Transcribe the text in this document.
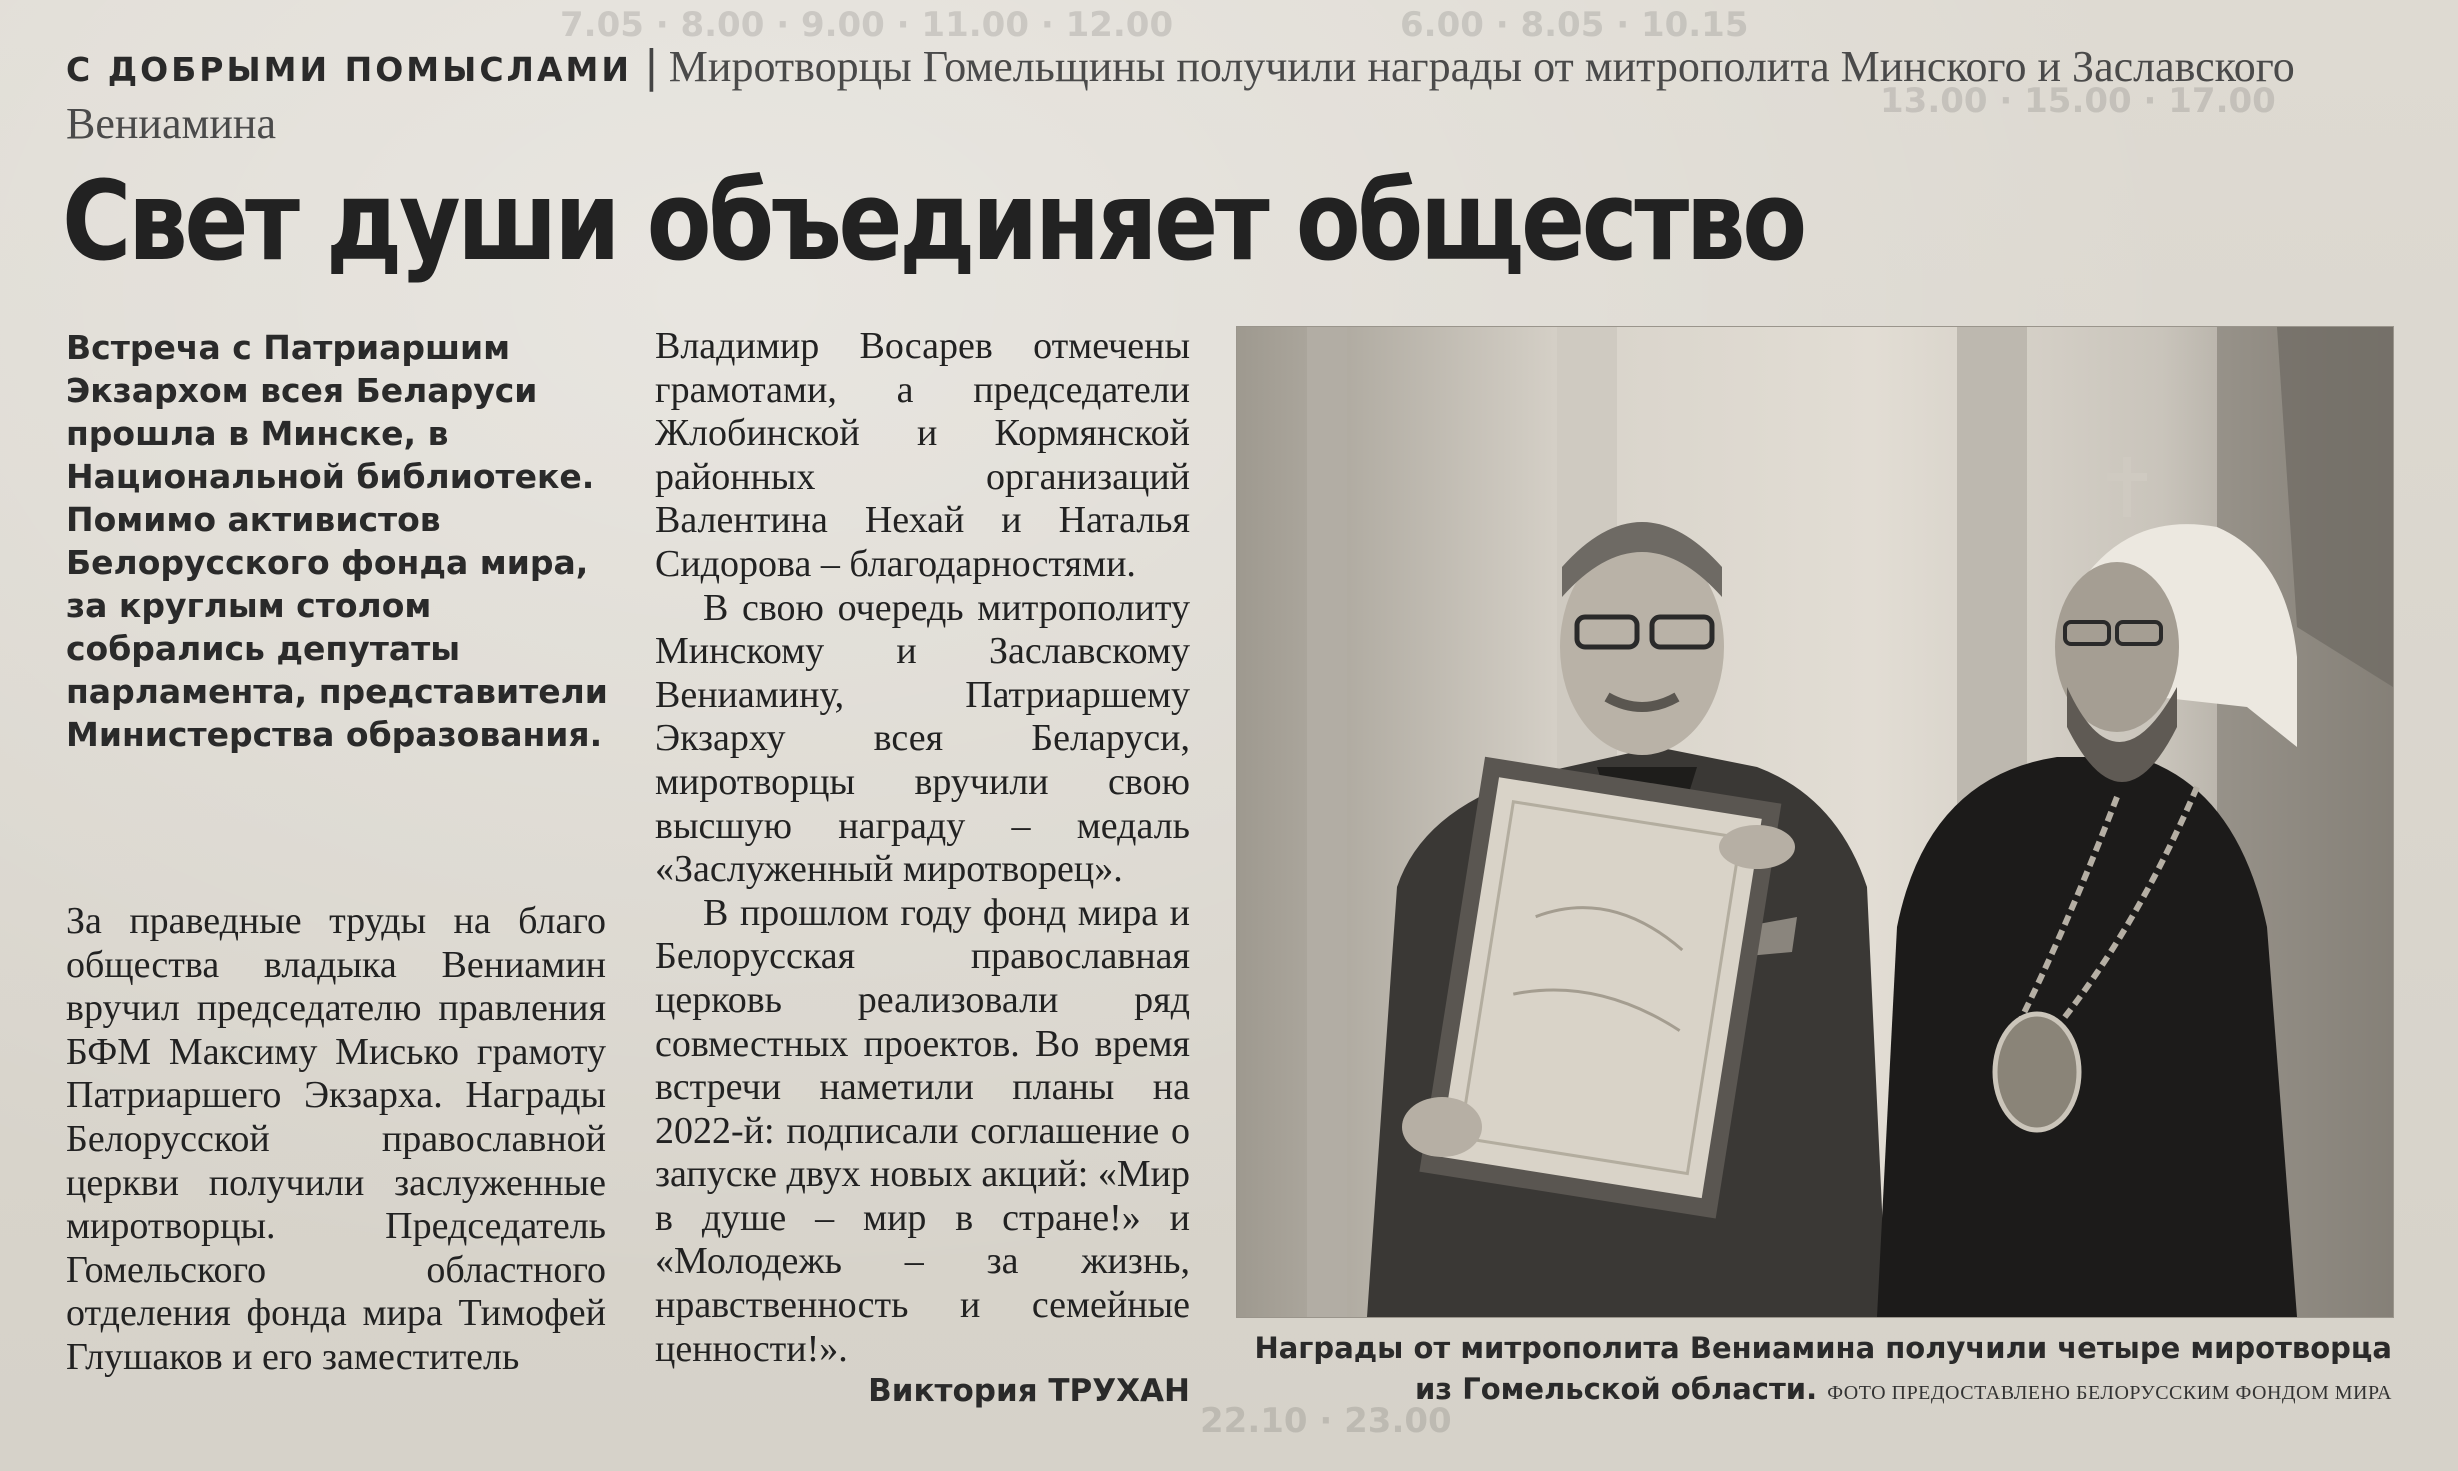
7.05 · 8.00 · 9.00 · 11.00 · 12.00	6.00 · 8.05 · 10.15
13.00 · 15.00 · 17.00
22.10 · 23.00
С ДОБРЫМИ ПОМЫСЛАМИ | Миротворцы Гомельщины получили награды от митрополита Минского и Заславского Вениамина
Свет души объединяет общество
Встреча с Патриаршим Экзархом всея Беларуси прошла в Минске, в Национальной библиотеке. Помимо активистов Белорусского фонда мира, за круглым столом собрались депутаты парламента, представители Министерства образования.

За праведные труды на благо общества владыка Вениамин вручил председателю правления БФМ Максиму Мисько грамоту Патриаршего Экзарха. Награды Белорусской православной церкви получили заслуженные миротворцы. Председатель Гомельского областного отделения фонда мира Тимофей Глушаков и его заместитель

Владимир Восарев отмечены грамотами, а председатели Жлобинской и Кормянской районных организаций Валентина Нехай и Наталья Сидорова – благодарностями.

В свою очередь митрополиту Минскому и Заславскому Вениамину, Патриаршему Экзарху всея Беларуси, миротворцы вручили свою высшую награду – медаль «Заслуженный миротворец».

В прошлом году фонд мира и Белорусская православная церковь реализовали ряд совместных проектов. Во время встречи наметили планы на 2022-й: подписали соглашение о запуске двух новых акций: «Мир в душе – мир в стране!» и «Молодежь – за жизнь, нравственность и семейные ценности!».

Виктория ТРУХАН
Награды от митрополита Вениамина получили четыре миротворца из Гомельской области. ФОТО ПРЕДОСТАВЛЕНО БЕЛОРУССКИМ ФОНДОМ МИРА
